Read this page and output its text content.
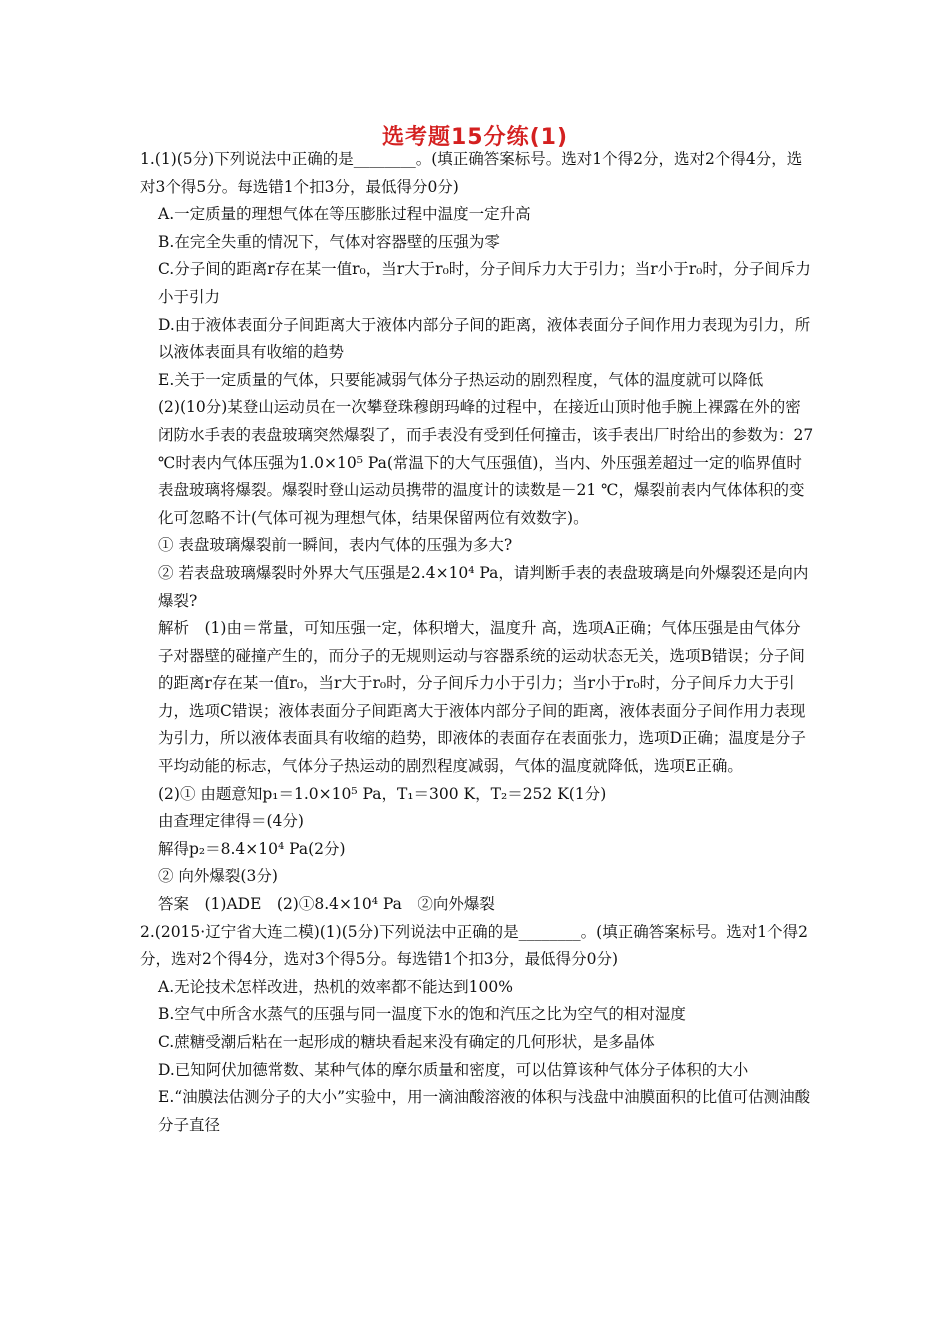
选考题15分练(1)

1.(1)(5分)下列说法中正确的是________。(填正确答案标号。选对1个得2分，选对2个得4分，选对3个得5分。每选错1个扣3分，最低得分0分)

A.一定质量的理想气体在等压膨胀过程中温度一定升高

B.在完全失重的情况下，气体对容器壁的压强为零

C.分子间的距离r存在某一值r₀，当r大于r₀时，分子间斥力大于引力；当r小于r₀时，分子间斥力小于引力

D.由于液体表面分子间距离大于液体内部分子间的距离，液体表面分子间作用力表现为引力，所以液体表面具有收缩的趋势

E.关于一定质量的气体，只要能减弱气体分子热运动的剧烈程度，气体的温度就可以降低

(2)(10分)某登山运动员在一次攀登珠穆朗玛峰的过程中，在接近山顶时他手腕上裸露在外的密闭防水手表的表盘玻璃突然爆裂了，而手表没有受到任何撞击，该手表出厂时给出的参数为：27 ℃时表内气体压强为1.0×10⁵ Pa(常温下的大气压强值)，当内、外压强差超过一定的临界值时表盘玻璃将爆裂。爆裂时登山运动员携带的温度计的读数是－21 ℃，爆裂前表内气体体积的变化可忽略不计(气体可视为理想气体，结果保留两位有效数字)。

① 表盘玻璃爆裂前一瞬间，表内气体的压强为多大?

② 若表盘玻璃爆裂时外界大气压强是2.4×10⁴ Pa，请判断手表的表盘玻璃是向外爆裂还是向内爆裂?

解析　(1)由＝常量，可知压强一定，体积增大，温度升 高，选项A正确；气体压强是由气体分子对器壁的碰撞产生的，而分子的无规则运动与容器系统的运动状态无关，选项B错误；分子间的距离r存在某一值r₀，当r大于r₀时，分子间斥力小于引力；当r小于r₀时，分子间斥力大于引力，选项C错误；液体表面分子间距离大于液体内部分子间的距离，液体表面分子间作用力表现为引力，所以液体表面具有收缩的趋势，即液体的表面存在表面张力，选项D正确；温度是分子平均动能的标志，气体分子热运动的剧烈程度减弱，气体的温度就降低，选项E正确。

(2)① 由题意知p₁＝1.0×10⁵ Pa，T₁＝300 K，T₂＝252 K(1分)

由查理定律得＝(4分)

解得p₂＝8.4×10⁴ Pa(2分)

② 向外爆裂(3分)

答案　(1)ADE　(2)①8.4×10⁴ Pa　②向外爆裂

2.(2015·辽宁省大连二模)(1)(5分)下列说法中正确的是________。(填正确答案标号。选对1个得2分，选对2个得4分，选对3个得5分。每选错1个扣3分，最低得分0分)

A.无论技术怎样改进，热机的效率都不能达到100%

B.空气中所含水蒸气的压强与同一温度下水的饱和汽压之比为空气的相对湿度

C.蔗糖受潮后粘在一起形成的糖块看起来没有确定的几何形状，是多晶体

D.已知阿伏加德常数、某种气体的摩尔质量和密度，可以估算该种气体分子体积的大小

E.“油膜法估测分子的大小”实验中，用一滴油酸溶液的体积与浅盘中油膜面积的比值可估测油酸分子直径
